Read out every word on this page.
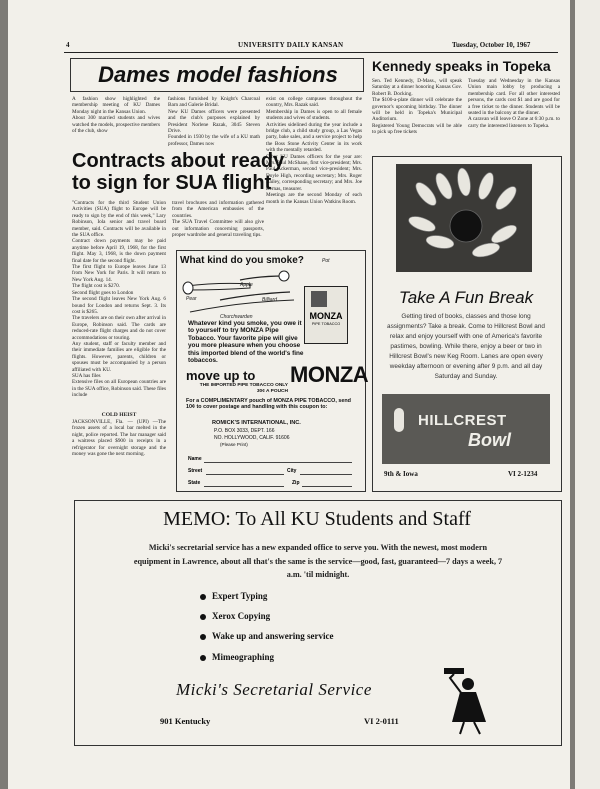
4	UNIVERSITY DAILY KANSAN	Tuesday, October 10, 1967
Dames model fashions
A fashion show highlighted the membership meeting of KU Dames Monday night in the Kansas Union.
About 300 married students and wives watched the models, prospective members of the club, show
fashions furnished by Knight's Charcoal Barn and Galerie Bridal.
New KU Dames officers were presented and the club's purposes explained by President Norlene Razak, 3045 Steven Drive.
Founded in 1930 by the wife of a KU math professor, Dames now
exist on college campuses throughout the country, Mrs. Razak said.
Membership in Dames is open to all female students and wives of students.
Activities sidelined during the year include a bridge club, a child study group, a Las Vegas party, bake sales, and a service project to help the Boss Stone Activity Center in its work with the mentally retarded.
Other KU Dames officers for the year are: Mrs. Paul McShane, first vice-president; Mrs. Paul Ackerman, second vice-president; Mrs. Doyle High, recording secretary; Mrs. Roger Bailey, corresponding secretary; and Mrs. Joe Bernas, treasurer.
Meetings are the second Monday of each month in the Kansas Union Watkins Room.
Contracts about ready
to sign for SUA flight
"Contracts for the third Student Union Activities (SUA) flight to Europe will be ready to sign by the end of this week," Lary Robinson, Iola senior and travel board member, said. Contracts will be available in the SUA office.
Contract down payments may be paid anytime before April 19, 1968, for the first flight. May 3, 1968, is the down payment final date for the second flight.
The first flight to Europe leaves June 13 from New York for Paris. It will return to New York Aug. 14.
The flight cost is $270.
Second flight goes to London
The second flight leaves New York Aug. 6 bound for London and returns Sept. 3. Its cost is $265.
The travelers are on their own after arrival in Europe, Robinson said. The cards are reduced-rate flight charges and do not cover accommodations or touring.
Any student, staff or faculty member and their immediate families are eligible for the flights. However, parents, children or spouses must be accompanied by a person affiliated with KU.
SUA has files
Extensive files on all European countries are in the SUA office, Robinson said. These files include
travel brochures and information gathered from the American embassies of the countries.
The SUA Travel Committee will also give out information concerning passports, proper wardrobe and general traveling tips.
COLD HEIST
JACKSONVILLE, Fla. — (UPI) —The frozen assets of a local bar melted in the night, police reported. The bar manager said a waitress placed $900 in receipts in a refrigerator for overnight storage and the money was gone the next morning.
Kennedy speaks in Topeka
Sen. Ted Kennedy, D-Mass., will speak Saturday at a dinner honoring Kansas Gov. Robert B. Docking.
The $100-a-plate dinner will celebrate the governor's upcoming birthday. The dinner will be held in Topeka's Municipal Auditorium.
Registered Young Democrats will be able to pick up free tickets
Tuesday and Wednesday in the Kansas Union main lobby by producing a membership card. For all other interested persons, the cards cost $1 and are good for a free ticket to the dinner. Students will be seated in the balcony at the dinner.
A caravan will leave O Zone at 6:30 p.m. to carry the interested listeners to Topeka.
What kind do you smoke?	Pot
Apple
Pear	Billiard
Churchwarden	MONZA
PIPE TOBACCO
Whatever kind you smoke, you owe it to yourself to try MONZA Pipe Tobacco. Your favorite pipe will give you more pleasure when you choose this imported blend of the world's fine tobaccos.
move up to MONZA
THE IMPORTED PIPE TOBACCO ONLY 30¢ A POUCH
For a COMPLIMENTARY pouch of MONZA PIPE TOBACCO, send 10¢ to cover postage and handling with this coupon to:
ROMICK'S INTERNATIONAL, INC.
P.O. BOX 3033, DEPT. 166
NO. HOLLYWOOD, CALIF. 91606
(Please Print)
Name
Street	City
State	Zip
Take A Fun Break
Getting tired of books, classes and those long assignments? Take a break. Come to Hillcrest Bowl and relax and enjoy yourself with one of America's favorite pastimes, bowling. While there, enjoy a beer or two in Hillcrest Bowl's new Keg Room. Lanes are open every weekday afternoon or evening after 9 p.m. and all day Saturday and Sunday.
HILLCREST
Bowl
9th & Iowa	VI 2-1234
MEMO: To All KU Students and Staff
Micki's secretarial service has a new expanded office to serve you. With the newest, most modern equipment in Lawrence, about all that's the same is the service—good, fast, guaranteed—7 days a week, 7 a.m. 'til midnight.
Expert Typing
Xerox Copying
Wake up and answering service
Mimeographing
Micki's Secretarial Service
901 Kentucky	VI 2-0111
